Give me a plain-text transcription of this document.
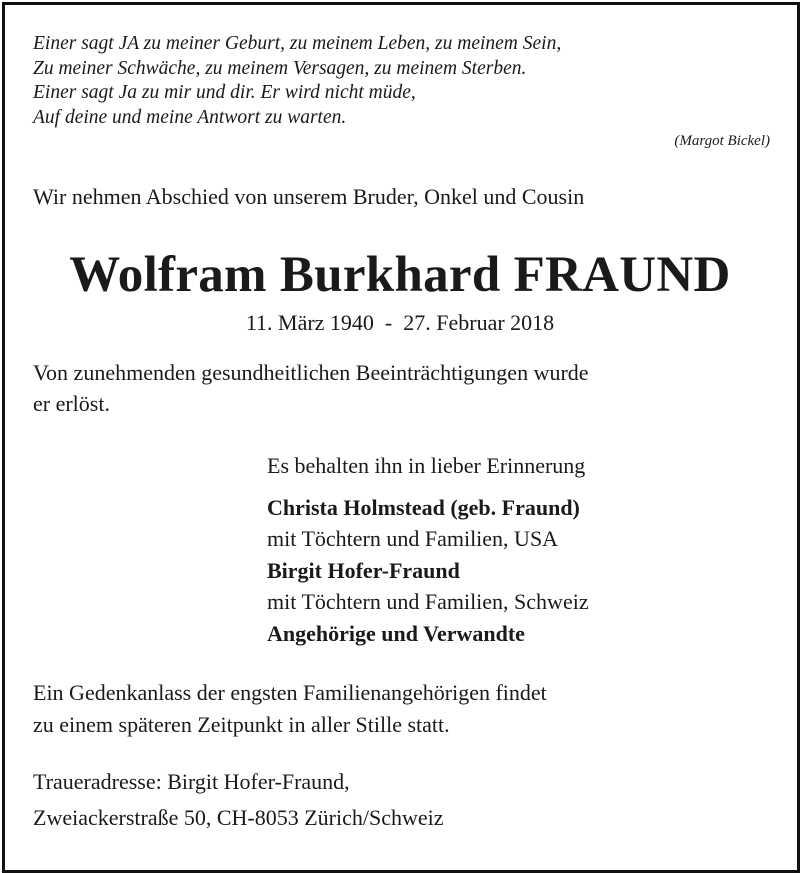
Einer sagt JA zu meiner Geburt, zu meinem Leben, zu meinem Sein,
Zu meiner Schwäche, zu meinem Versagen, zu meinem Sterben.
Einer sagt Ja zu mir und dir. Er wird nicht müde,
Auf deine und meine Antwort zu warten.
(Margot Bickel)
Wir nehmen Abschied von unserem Bruder, Onkel und Cousin
Wolfram Burkhard FRAUND
11. März 1940  -  27. Februar 2018
Von zunehmenden gesundheitlichen Beeinträchtigungen wurde
er erlöst.
Es behalten ihn in lieber Erinnerung
Christa Holmstead (geb. Fraund)
mit Töchtern und Familien, USA
Birgit Hofer-Fraund
mit Töchtern und Familien, Schweiz
Angehörige und Verwandte
Ein Gedenkanlass der engsten Familienangehörigen findet
zu einem späteren Zeitpunkt in aller Stille statt.
Traueradresse: Birgit Hofer-Fraund,
Zweiackerstraße 50, CH-8053 Zürich/Schweiz
